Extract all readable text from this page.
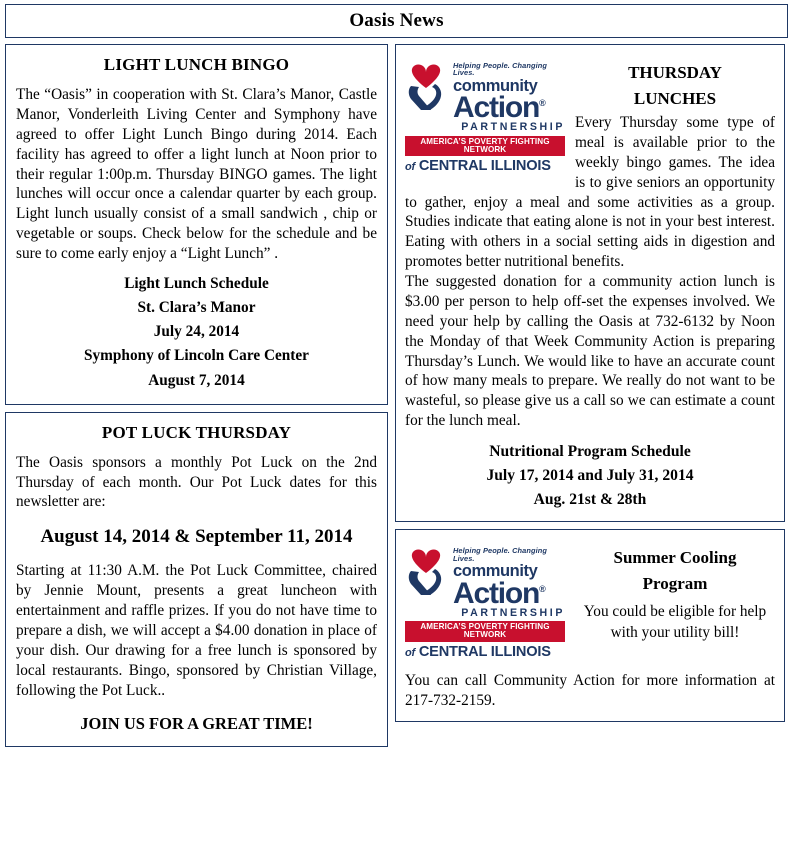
Oasis News
LIGHT LUNCH BINGO

The “Oasis” in cooperation with St. Clara’s Manor, Castle Manor, Vonderleith Living Center and Symphony have agreed to offer Light Lunch Bingo during 2014. Each facility has agreed to offer a light lunch at Noon prior to their regular 1:00p.m. Thursday BINGO games. The light lunches will occur once a calendar quarter by each group. Light lunch usually consist of a small sandwich , chip or vegetable or soups. Check below for the schedule and be sure to come early enjoy a “Light Lunch” .

Light Lunch Schedule
St. Clara’s Manor
July 24, 2014
Symphony of Lincoln Care Center
August 7, 2014
POT LUCK THURSDAY

The Oasis sponsors a monthly Pot Luck on the 2nd Thursday of each month. Our Pot Luck dates for this newsletter are:

August 14, 2014 & September 11, 2014

Starting at 11:30 A.M. the Pot Luck Committee, chaired by Jennie Mount, presents a great luncheon with entertainment and raffle prizes. If you do not have time to prepare a dish, we will accept a $4.00 donation in place of your dish. Our drawing for a free lunch is sponsored by local restaurants. Bingo, sponsored by Christian Village, following the Pot Luck..

JOIN US FOR A GREAT TIME!
Helping People. Changing Lives.
community
Action®
PARTNERSHIP
AMERICA’S POVERTY FIGHTING NETWORK
of CENTRAL ILLINOIS
THURSDAY
LUNCHES

Every Thursday some type of meal is available prior to the weekly bingo games. The idea is to give seniors an opportunity to gather, enjoy a meal and some activities as a group. Studies indicate that eating alone is not in your best interest. Eating with others in a social setting aids in digestion and promotes better nutritional benefits.

The suggested donation for a community action lunch is $3.00 per person to help off-set the expenses involved. We need your help by calling the Oasis at 732-6132 by Noon the Monday of that Week Community Action is preparing Thursday’s Lunch. We would like to have an accurate count of how many meals to prepare. We really do not want to be wasteful, so please give us a call so we can estimate a count for the lunch meal.

Nutritional Program Schedule
July 17, 2014 and July 31, 2014
Aug. 21st & 28th
Helping People. Changing Lives.
community
Action®
PARTNERSHIP
AMERICA’S POVERTY FIGHTING NETWORK
of CENTRAL ILLINOIS
Summer Cooling
Program
You could be eligible for help
with your utility bill!

You can call Community Action for more information at 217-732-2159.
